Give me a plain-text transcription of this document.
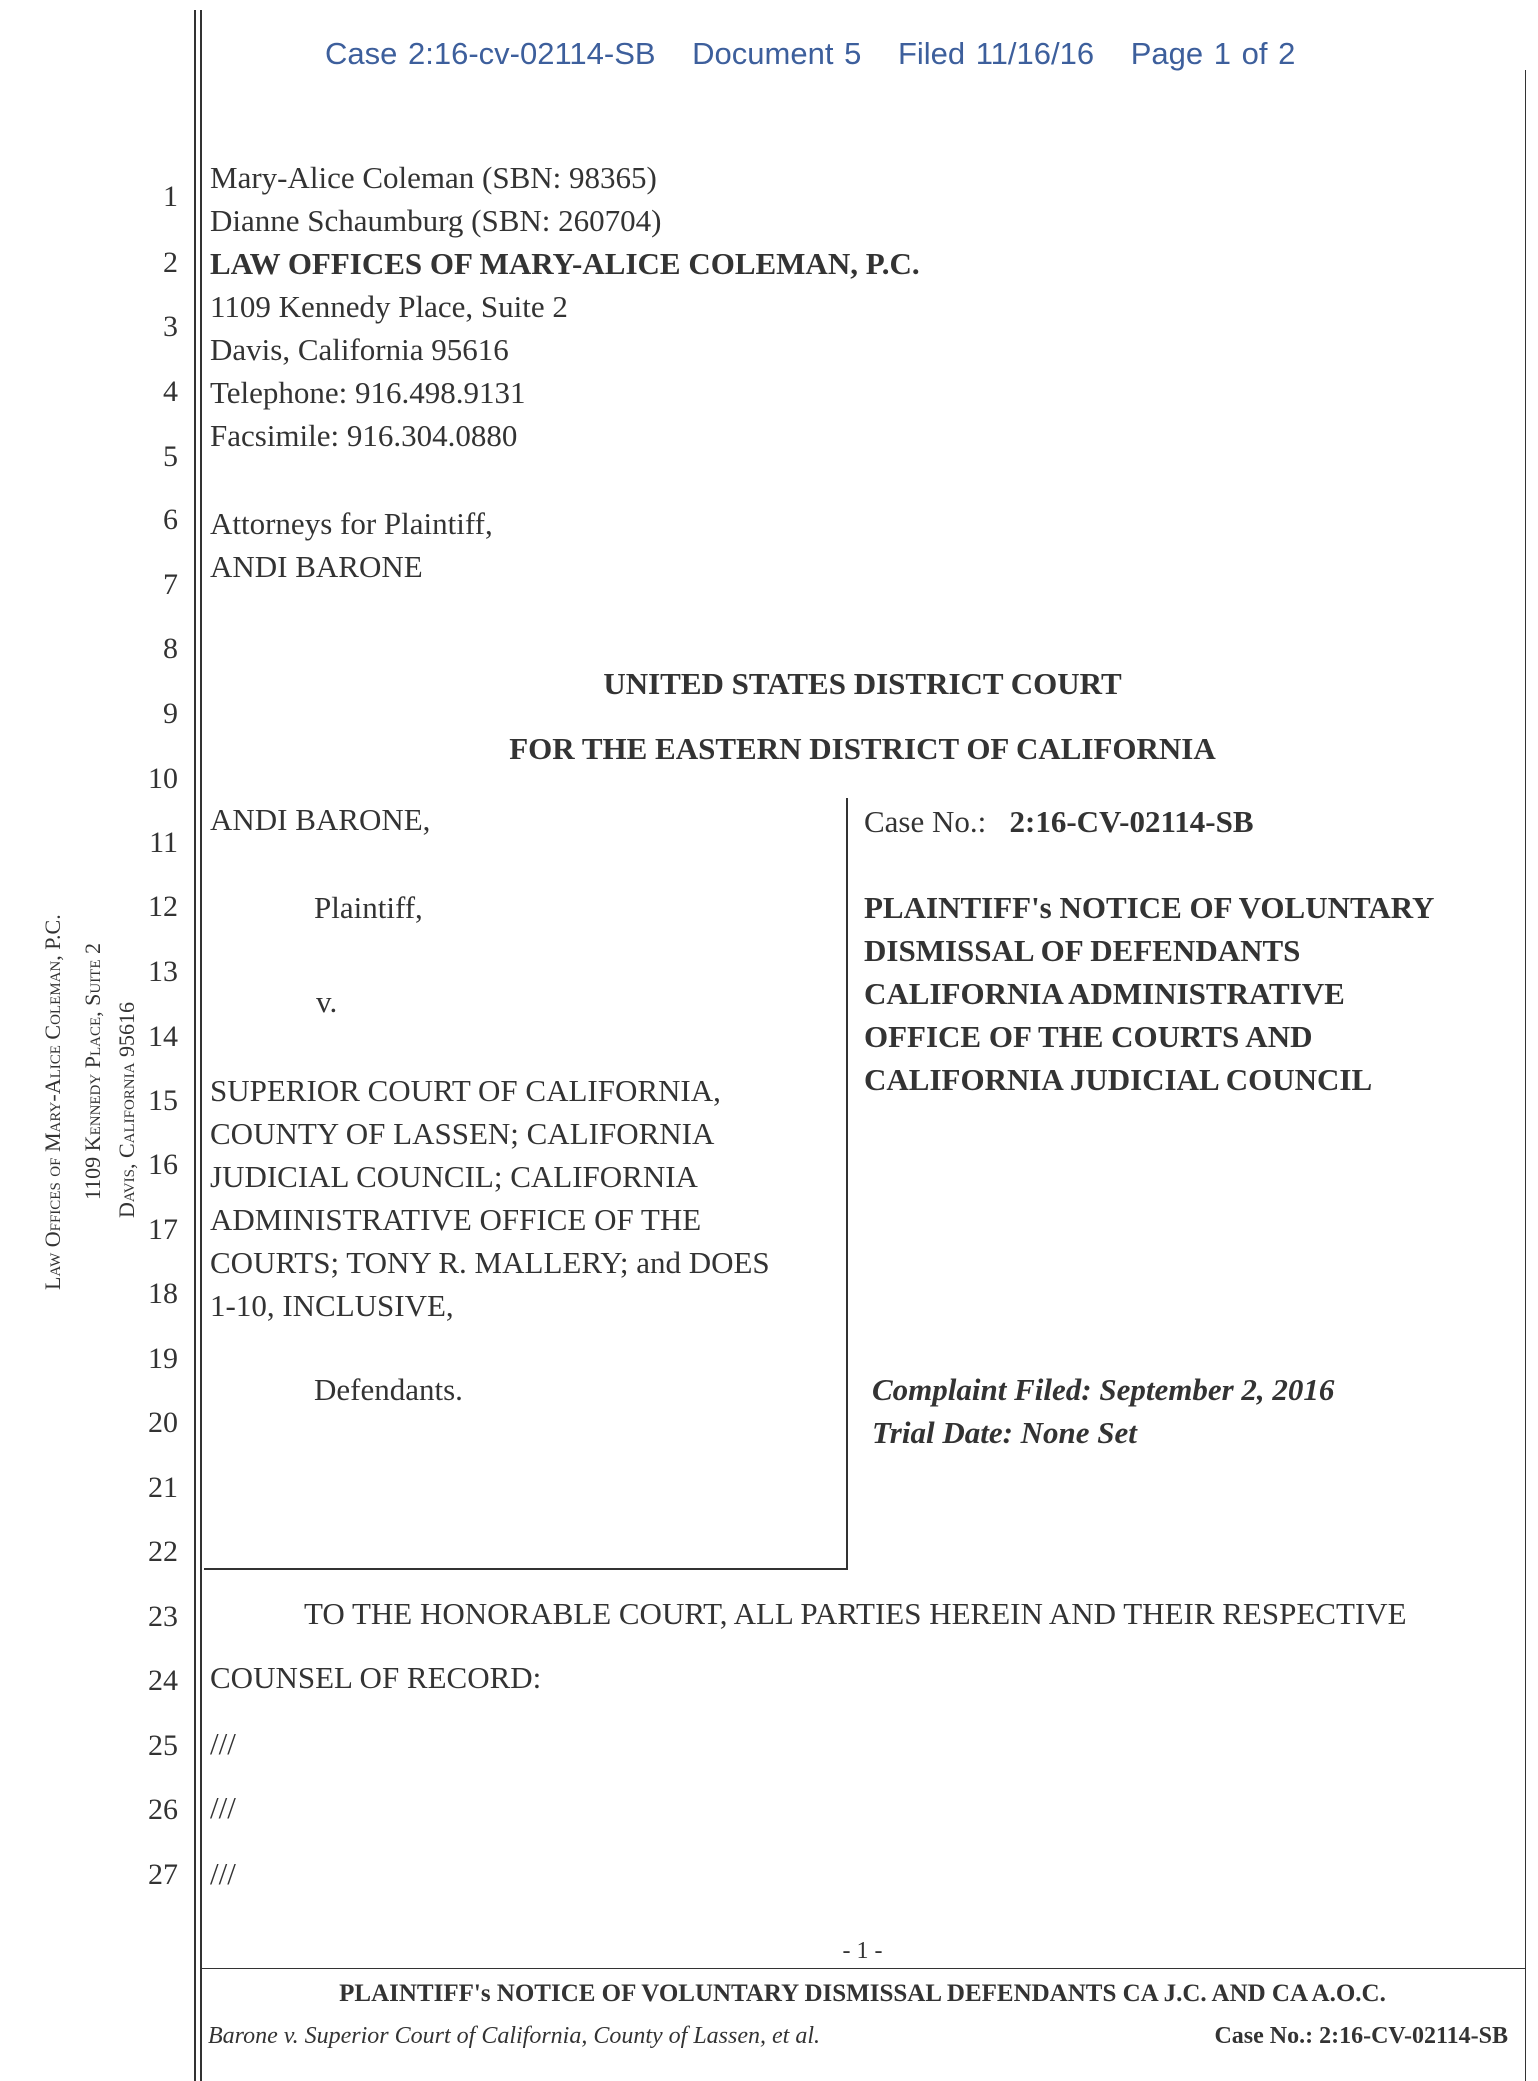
Case 2:16-cv-02114-SB Document 5 Filed 11/16/16 Page 1 of 2
Law Offices of Mary-Alice Coleman, P.C. 1109 Kennedy Place, Suite 2 Davis, California 95616
1
2
3
4
5
6
7
8
9
10
11
12
13
14
15
16
17
18
19
20
21
22
23
24
25
26
27
Mary-Alice Coleman (SBN: 98365)
Dianne Schaumburg (SBN: 260704)
LAW OFFICES OF MARY-ALICE COLEMAN, P.C.
1109 Kennedy Place, Suite 2
Davis, California 95616
Telephone: 916.498.9131
Facsimile: 916.304.0880
Attorneys for Plaintiff,
ANDI BARONE
UNITED STATES DISTRICT COURT
FOR THE EASTERN DISTRICT OF CALIFORNIA
ANDI BARONE,
Plaintiff,
v.
SUPERIOR COURT OF CALIFORNIA,
COUNTY OF LASSEN; CALIFORNIA
JUDICIAL COUNCIL; CALIFORNIA
ADMINISTRATIVE OFFICE OF THE
COURTS; TONY R. MALLERY; and DOES
1-10, INCLUSIVE,
Defendants.
Case No.: 2:16-CV-02114-SB
PLAINTIFF's NOTICE OF VOLUNTARY
DISMISSAL OF DEFENDANTS
CALIFORNIA ADMINISTRATIVE
OFFICE OF THE COURTS AND
CALIFORNIA JUDICIAL COUNCIL
Complaint Filed: September 2, 2016
Trial Date: None Set
TO THE HONORABLE COURT, ALL PARTIES HEREIN AND THEIR RESPECTIVE
COUNSEL OF RECORD:
///
///
///
- 1 -
PLAINTIFF's NOTICE OF VOLUNTARY DISMISSAL DEFENDANTS CA J.C. AND CA A.O.C.
Barone v. Superior Court of California, County of Lassen, et al.	Case No.: 2:16-CV-02114-SB
